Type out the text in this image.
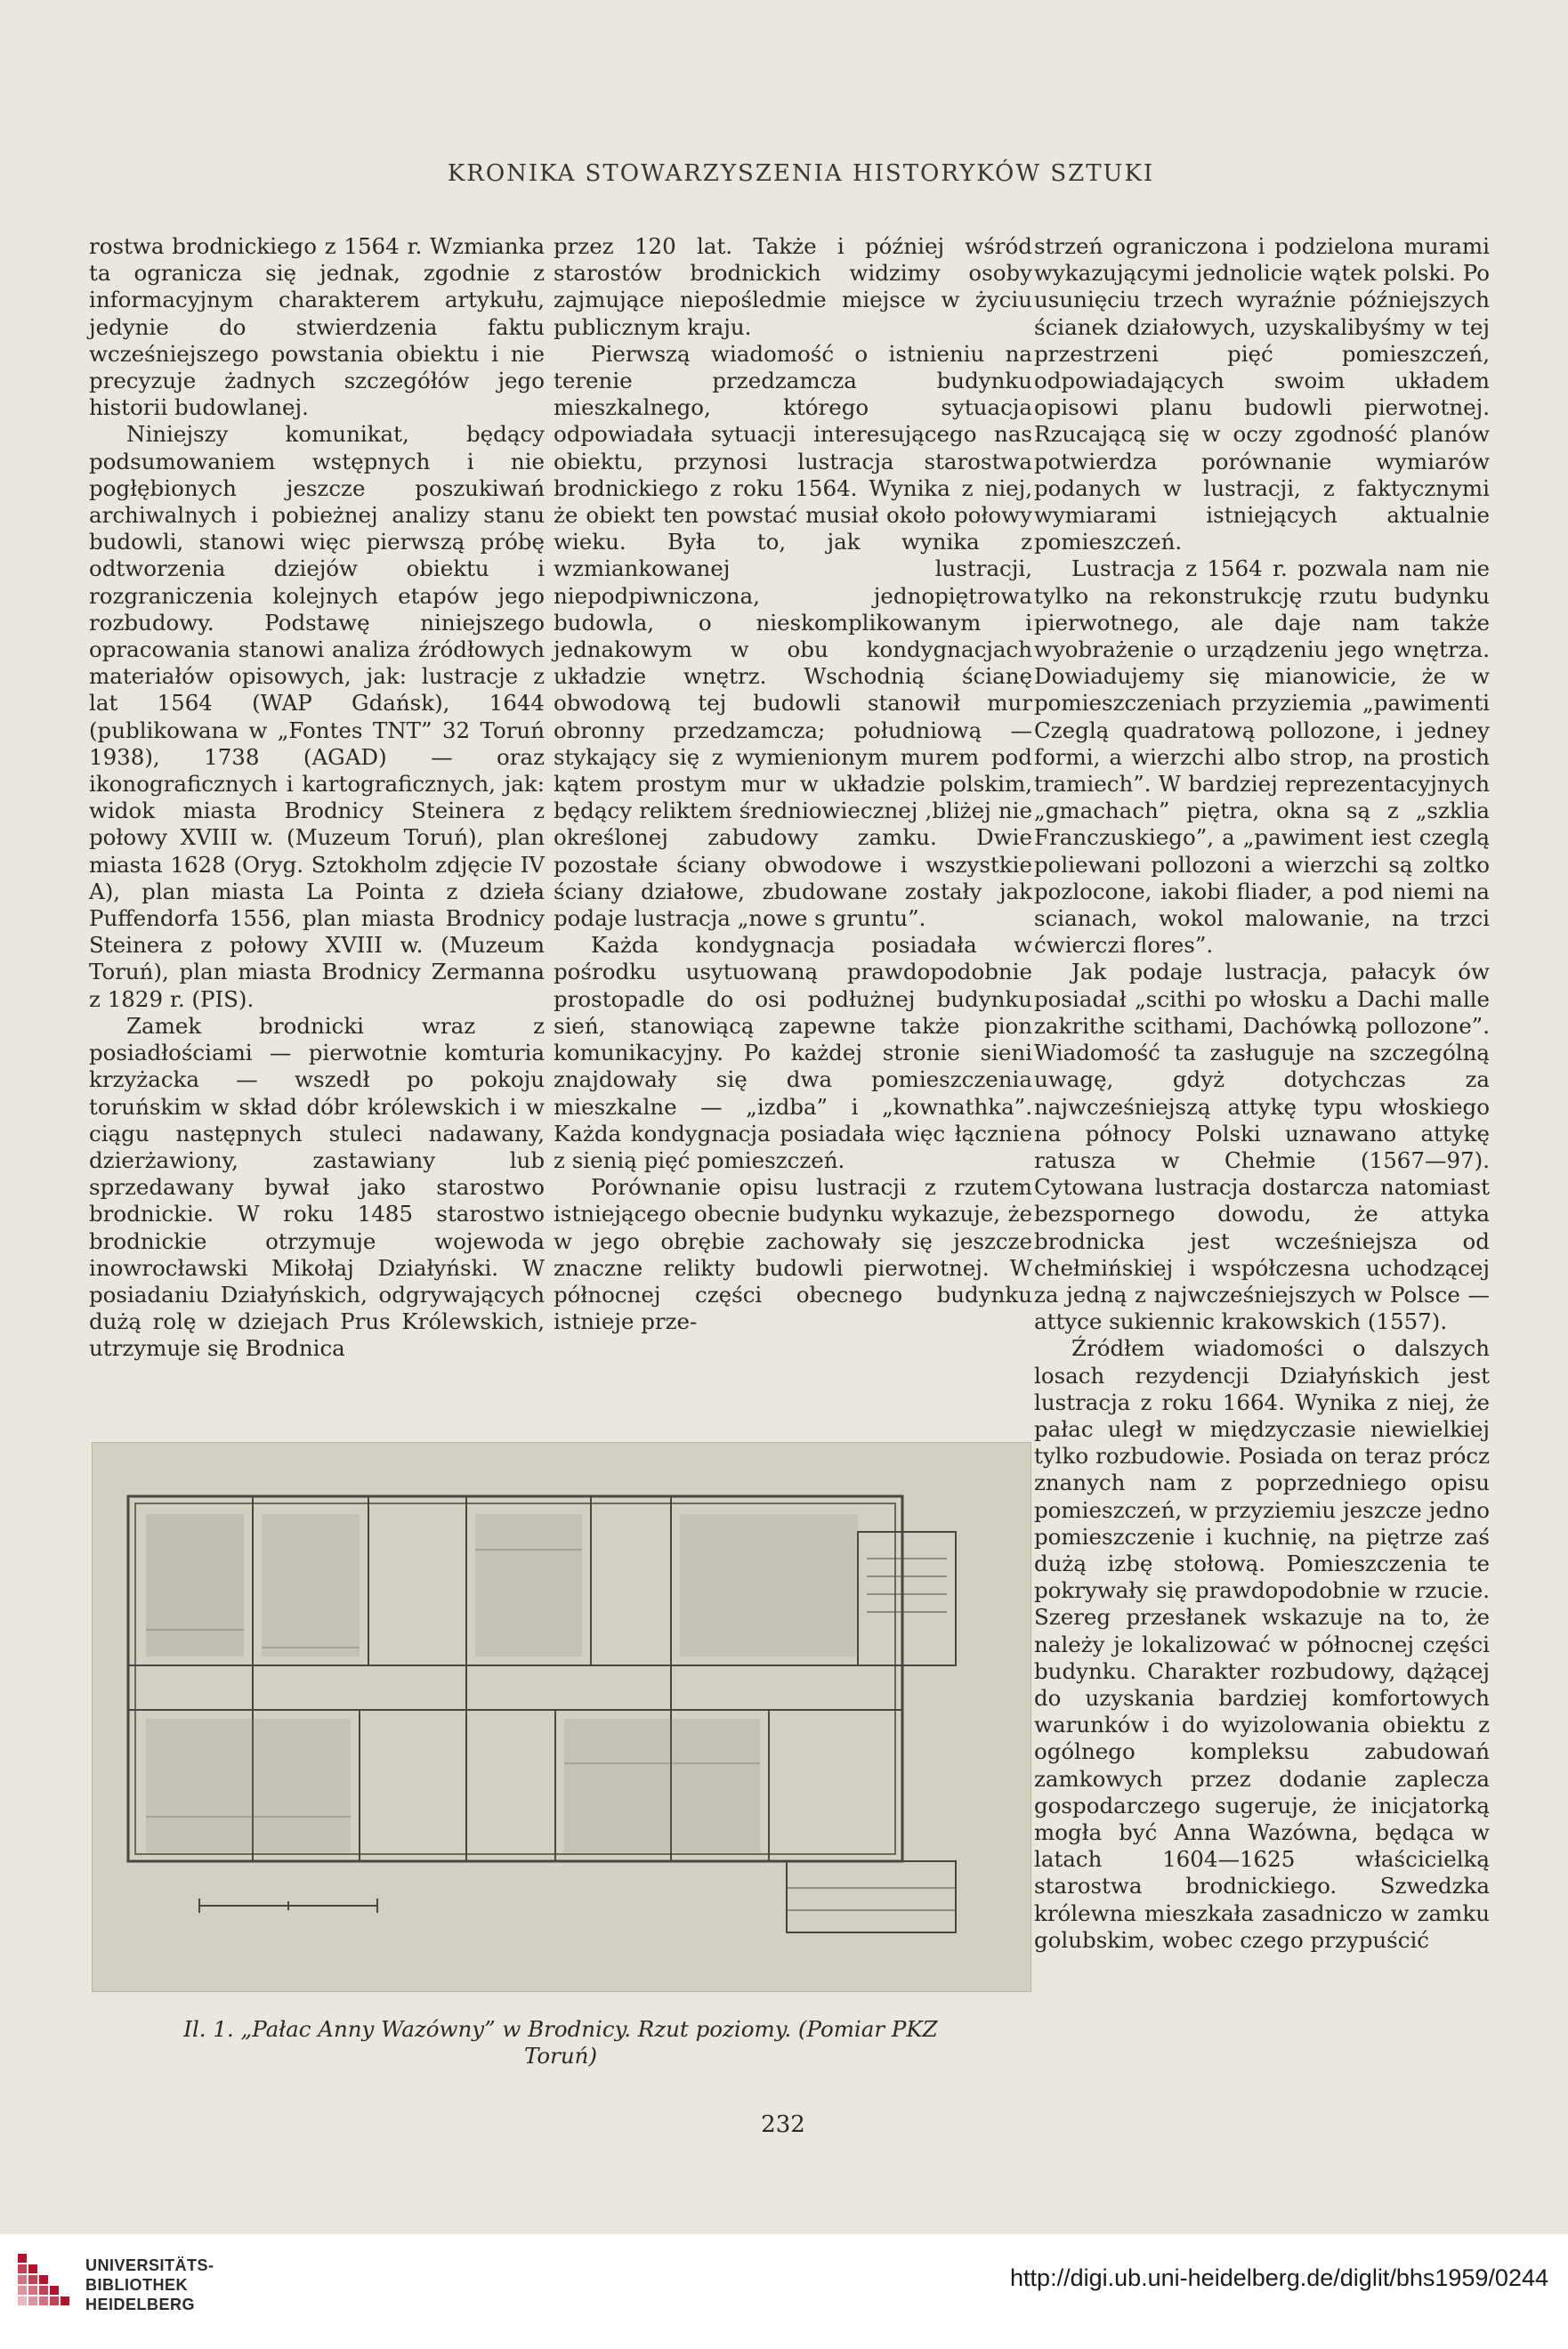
KRONIKA STOWARZYSZENIA HISTORYKÓW SZTUKI

rostwa brodnickiego z 1564 r. Wzmianka ta ogranicza się jednak, zgodnie z informacyjnym charakterem artykułu, jedynie do stwierdzenia faktu wcześniejszego powstania obiektu i nie precyzuje żadnych szczegółów jego historii budowlanej.

Niniejszy komunikat, będący podsumowaniem wstępnych i nie pogłębionych jeszcze poszukiwań archiwalnych i pobieżnej analizy stanu budowli, stanowi więc pierwszą próbę odtworzenia dziejów obiektu i rozgraniczenia kolejnych etapów jego rozbudowy. Podstawę niniejszego opracowania stanowi analiza źródłowych materiałów opisowych, jak: lustracje z lat 1564 (WAP Gdańsk), 1644 (publikowana w „Fontes TNT” 32 Toruń 1938), 1738 (AGAD) — oraz ikonograficznych i kartograficznych, jak: widok miasta Brodnicy Steinera z połowy XVIII w. (Muzeum Toruń), plan miasta 1628 (Oryg. Sztokholm zdjęcie IV A), plan miasta La Pointa z dzieła Puffendorfa 1556, plan miasta Brodnicy Steinera z połowy XVIII w. (Muzeum Toruń), plan miasta Brodnicy Zermanna z 1829 r. (PIS).

Zamek brodnicki wraz z posiadłościami — pierwotnie komturia krzyżacka — wszedł po pokoju toruńskim w skład dóbr królewskich i w ciągu następnych stuleci nadawany, dzierżawiony, zastawiany lub sprzedawany bywał jako starostwo brodnickie. W roku 1485 starostwo brodnickie otrzymuje wojewoda inowrocławski Mikołaj Działyński. W posiadaniu Działyńskich, odgrywających dużą rolę w dziejach Prus Królewskich, utrzymuje się Brodnica

przez 120 lat. Także i później wśród starostów brodnickich widzimy osoby zajmujące niepośledmie miejsce w życiu publicznym kraju.

Pierwszą wiadomość o istnieniu na terenie przedzamcza budynku mieszkalnego, którego sytuacja odpowiadała sytuacji interesującego nas obiektu, przynosi lustracja starostwa brodnickiego z roku 1564. Wynika z niej, że obiekt ten powstać musiał około połowy wieku. Była to, jak wynika z wzmiankowanej lustracji, niepodpiwniczona, jednopiętrowa budowla, o nieskomplikowanym i jednakowym w obu kondygnacjach układzie wnętrz. Wschodnią ścianę obwodową tej budowli stanowił mur obronny przedzamcza; południową — stykający się z wymienionym murem pod kątem prostym mur w układzie polskim, będący reliktem średniowiecznej ,bliżej nie określonej zabudowy zamku. Dwie pozostałe ściany obwodowe i wszystkie ściany działowe, zbudowane zostały jak podaje lustracja „nowe s gruntu”.

Każda kondygnacja posiadała w pośrodku usytuowaną prawdopodobnie prostopadle do osi podłużnej budynku sień, stanowiącą zapewne także pion komunikacyjny. Po każdej stronie sieni znajdowały się dwa pomieszczenia mieszkalne — „izdba” i „kownathka”. Każda kondygnacja posiadała więc łącznie z sienią pięć pomieszczeń.

Porównanie opisu lustracji z rzutem istniejącego obecnie budynku wykazuje, że w jego obrębie zachowały się jeszcze znaczne relikty budowli pierwotnej. W północnej części obecnego budynku istnieje prze-

strzeń ograniczona i podzielona murami wykazującymi jednolicie wątek polski. Po usunięciu trzech wyraźnie późniejszych ścianek działowych, uzyskalibyśmy w tej przestrzeni pięć pomieszczeń, odpowiadających swoim układem opisowi planu budowli pierwotnej. Rzucającą się w oczy zgodność planów potwierdza porównanie wymiarów podanych w lustracji, z faktycznymi wymiarami istniejących aktualnie pomieszczeń.

Lustracja z 1564 r. pozwala nam nie tylko na rekonstrukcję rzutu budynku pierwotnego, ale daje nam także wyobrażenie o urządzeniu jego wnętrza. Dowiadujemy się mianowicie, że w pomieszczeniach przyziemia „pawimenti Czeglą quadratową pollozone, i jedney formi, a wierzchi albo strop, na prostich tramiech”. W bardziej reprezentacyjnych „gmachach” piętra, okna są z „szklia Franczuskiego”, a „pawiment iest czeglą poliewani pollozoni a wierzchi są zoltko pozlocone, iakobi fliader, a pod niemi na scianach, wokol malowanie, na trzci ćwierczi flores”.

Jak podaje lustracja, pałacyk ów posiadał „scithi po włosku a Dachi malle zakrithe scithami, Dachówką pollozone”. Wiadomość ta zasługuje na szczególną uwagę, gdyż dotychczas za najwcześniejszą attykę typu włoskiego na północy Polski uznawano attykę ratusza w Chełmie (1567—97). Cytowana lustracja dostarcza natomiast bezspornego dowodu, że attyka brodnicka jest wcześniejsza od chełmińskiej i współczesna uchodzącej za jedną z najwcześniejszych w Polsce — attyce sukiennic krakowskich (1557).

Źródłem wiadomości o dalszych losach rezydencji Działyńskich jest lustracja z roku 1664. Wynika z niej, że pałac uległ w międzyczasie niewielkiej tylko rozbudowie. Posiada on teraz prócz znanych nam z poprzedniego opisu pomieszczeń, w przyziemiu jeszcze jedno pomieszczenie i kuchnię, na piętrze zaś dużą izbę stołową. Pomieszczenia te pokrywały się prawdopodobnie w rzucie. Szereg przesłanek wskazuje na to, że należy je lokalizować w północnej części budynku. Charakter rozbudowy, dążącej do uzyskania bardziej komfortowych warunków i do wyizolowania obiektu z ogólnego kompleksu zabudowań zamkowych przez dodanie zaplecza gospodarczego sugeruje, że inicjatorką mogła być Anna Wazówna, będąca w latach 1604—1625 właścicielką starostwa brodnickiego. Szwedzka królewna mieszkała zasadniczo w zamku golubskim, wobec czego przypuścić

Il. 1. „Pałac Anny Wazówny” w Brodnicy. Rzut poziomy. (Pomiar PKZ
Toruń)
232
UNIVERSITÄTS-
BIBLIOTHEK
HEIDELBERG
http://digi.ub.uni-heidelberg.de/diglit/bhs1959/0244
